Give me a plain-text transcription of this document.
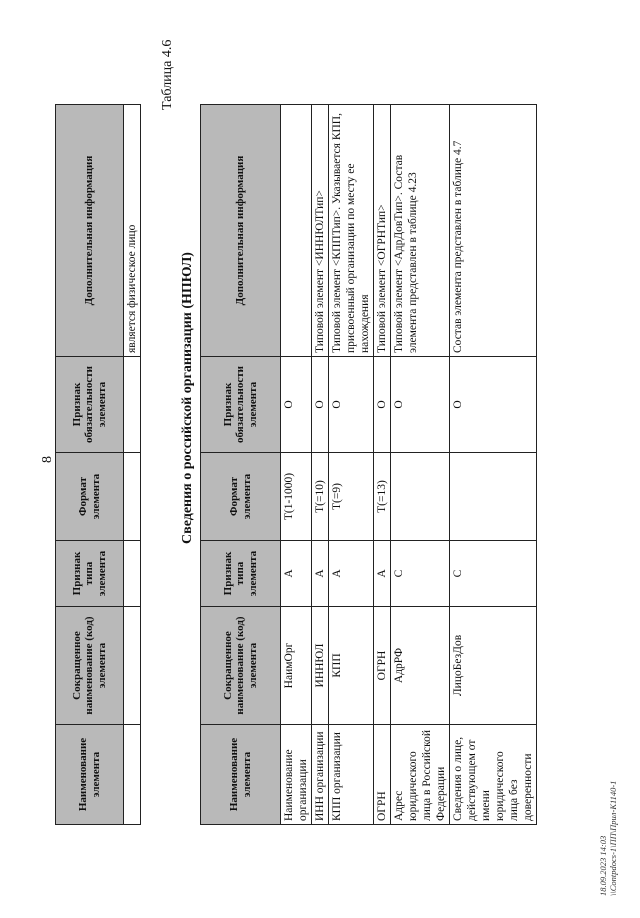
8
Наименование элемента	Сокращенное наименование (код) элемента	Признак типа элемента	Формат элемента	Признак обязательности элемента	Дополнительная информация
					является физическое лицо
Таблица 4.6
Сведения о российской организации (НПЮЛ)
Наименование элемента	Сокращенное наименование (код) элемента	Признак типа элемента	Формат элемента	Признак обязательности элемента	Дополнительная информация
Наименование организации	НаимОрг	А	T(1-1000)	О	
ИНН организации	ИННЮЛ	А	T(=10)	О	Типовой элемент <ИННЮЛТип>
КПП организации	КПП	А	T(=9)	О	Типовой элемент <КППТип>. Указывается КПП, присвоенный организации по месту ее нахождения
ОГРН	ОГРН	А	T(=13)	О	Типовой элемент <ОГРНТип>
Адрес юридического лица в Российской Федерации	АдрРФ	С		О	Типовой элемент <АдрДовТип>. Состав элемента представлен в таблице 4.23
Сведения о лице, действующем от имени юридического лица без доверенности	ЛицоБезДов	С		О	Состав элемента представлен в таблице 4.7
18.09.2023 14:03 \\Contpdocs-1\ПП\Прил-К1140-1
